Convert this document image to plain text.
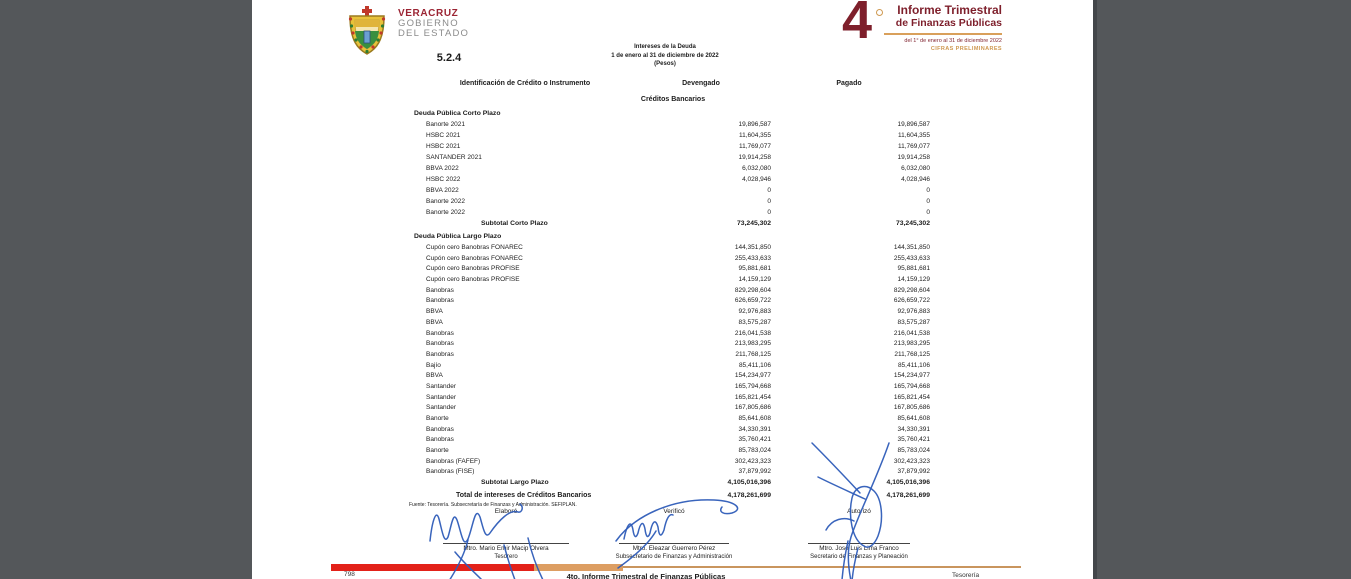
VERACRUZ
GOBIERNO
DEL ESTADO
5.2.4
Intereses de la Deuda
1 de enero al 31 de diciembre de 2022
(Pesos)
4	Informe Trimestral
de Finanzas Públicas
del 1° de enero al 31 de diciembre 2022
CIFRAS PRELIMINARES
Identificación de Crédito o Instrumento	Devengado	Pagado
Créditos Bancarios
Deuda Pública Corto Plazo
Banorte 2021	19,896,587	19,896,587
HSBC 2021	11,604,355	11,604,355
HSBC 2021	11,769,077	11,769,077
SANTANDER 2021	19,914,258	19,914,258
BBVA 2022	6,032,080	6,032,080
HSBC 2022	4,028,946	4,028,946
BBVA 2022	0	0
Banorte 2022	0	0
Banorte 2022	0	0
Subtotal Corto Plazo	73,245,302	73,245,302
Deuda Pública Largo Plazo
Cupón cero Banobras FONAREC	144,351,850	144,351,850
Cupón cero Banobras FONAREC	255,433,633	255,433,633
Cupón cero Banobras PROFISE	95,881,681	95,881,681
Cupón cero Banobras PROFISE	14,159,129	14,159,129
Banobras	829,298,604	829,298,604
Banobras	626,659,722	626,659,722
BBVA	92,976,883	92,976,883
BBVA	83,575,287	83,575,287
Banobras	216,041,538	216,041,538
Banobras	213,983,295	213,983,295
Banobras	211,768,125	211,768,125
Bajío	85,411,106	85,411,106
BBVA	154,234,977	154,234,977
Santander	165,794,668	165,794,668
Santander	165,821,454	165,821,454
Santander	167,805,686	167,805,686
Banorte	85,641,608	85,641,608
Banobras	34,330,391	34,330,391
Banobras	35,760,421	35,760,421
Banorte	85,783,024	85,783,024
Banobras (FAFEF)	302,423,323	302,423,323
Banobras (FISE)	37,879,992	37,879,992
Subtotal Largo Plazo	4,105,016,396	4,105,016,396
Total de intereses de Créditos Bancarios	4,178,261,699	4,178,261,699
Fuente: Tesorería. Subsecretaría de Finanzas y Administración. SEFIPLAN.
Elaboró	Verificó	Autorizó
Mtro. Mario Emir Macip Olvera	Mtro. Eleazar Guerrero Pérez	Mtro. José Luis Lima Franco
Tesorero	Subsecretario de Finanzas y Administración	Secretario de Finanzas y Planeación
798	4to. Informe Trimestral de Finanzas Públicas	Tesorería
